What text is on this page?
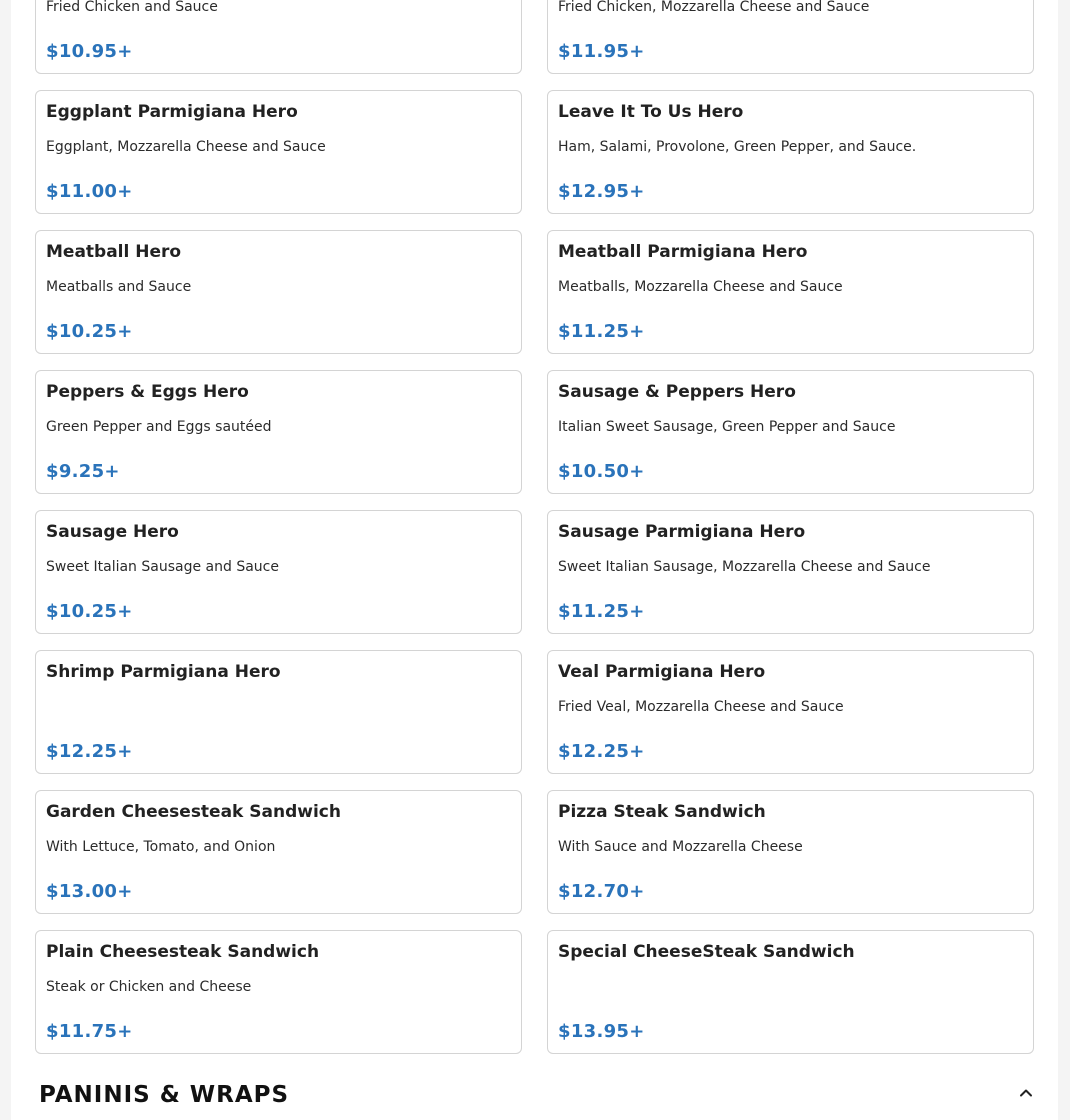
Fried Chicken and Sauce
$10.95+
Fried Chicken, Mozzarella Cheese and Sauce
$11.95+
Eggplant Parmigiana Hero
Eggplant, Mozzarella Cheese and Sauce
$11.00+
Leave It To Us Hero
Ham, Salami, Provolone, Green Pepper, and Sauce.
$12.95+
Meatball Hero
Meatballs and Sauce
$10.25+
Meatball Parmigiana Hero
Meatballs, Mozzarella Cheese and Sauce
$11.25+
Peppers & Eggs Hero
Green Pepper and Eggs sautéed
$9.25+
Sausage & Peppers Hero
Italian Sweet Sausage, Green Pepper and Sauce
$10.50+
Sausage Hero
Sweet Italian Sausage and Sauce
$10.25+
Sausage Parmigiana Hero
Sweet Italian Sausage, Mozzarella Cheese and Sauce
$11.25+
Shrimp Parmigiana Hero
$12.25+
Veal Parmigiana Hero
Fried Veal, Mozzarella Cheese and Sauce
$12.25+
Garden Cheesesteak Sandwich
With Lettuce, Tomato, and Onion
$13.00+
Pizza Steak Sandwich
With Sauce and Mozzarella Cheese
$12.70+
Plain Cheesesteak Sandwich
Steak or Chicken and Cheese
$11.75+
Special CheeseSteak Sandwich
$13.95+
PANINIS & WRAPS
